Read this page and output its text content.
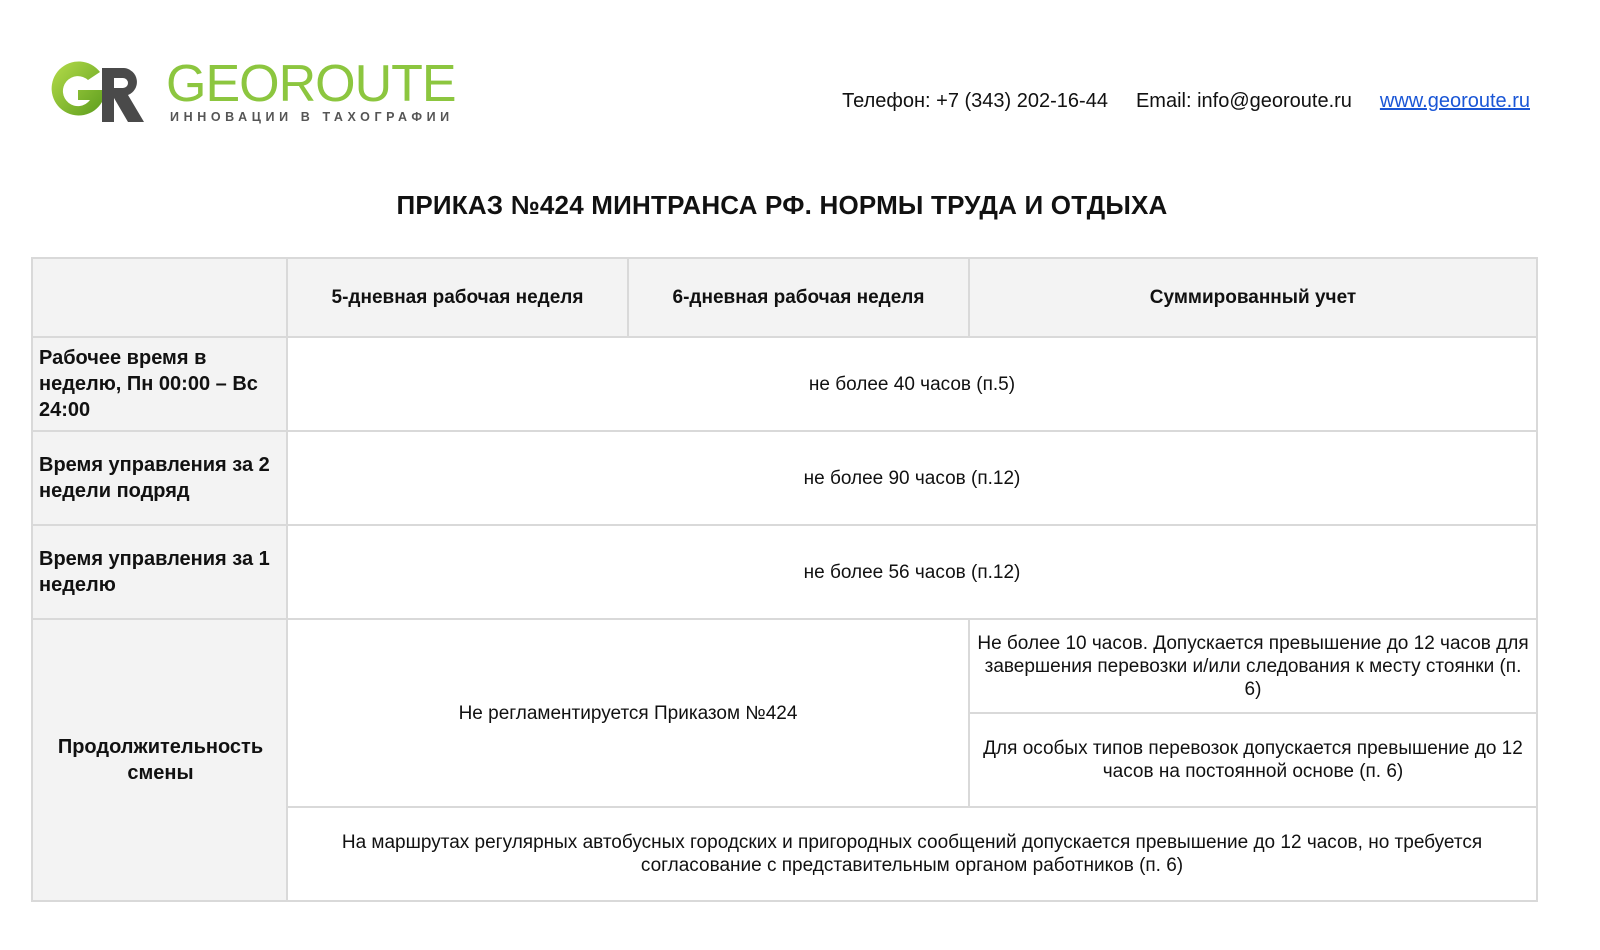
GEOROUTE
ИННОВАЦИИ В ТАХОГРАФИИ
Телефон: +7 (343) 202-16-44 Email: info@georoute.ru www.georoute.ru
ПРИКАЗ №424 МИНТРАНСА РФ. НОРМЫ ТРУДА И ОТДЫХА
	5-дневная рабочая неделя	6-дневная рабочая неделя	Суммированный учет
Рабочее время в неделю, Пн 00:00 – Вс 24:00	не более 40 часов (п.5)		
Время управления за 2 недели подряд	не более 90 часов (п.12)		
Время управления за 1 неделю	не более 56 часов (п.12)		
Продолжительность смены	Не регламентируется Приказом №424		Не более 10 часов. Допускается превышение до 12 часов для завершения перевозки и/или следования к месту стоянки (п. 6)
			Для особых типов перевозок допускается превышение до 12 часов на постоянной основе (п. 6)
	На маршрутах регулярных автобусных городских и пригородных сообщений допускается превышение до 12 часов, но требуется согласование с представительным органом работников (п. 6)		
